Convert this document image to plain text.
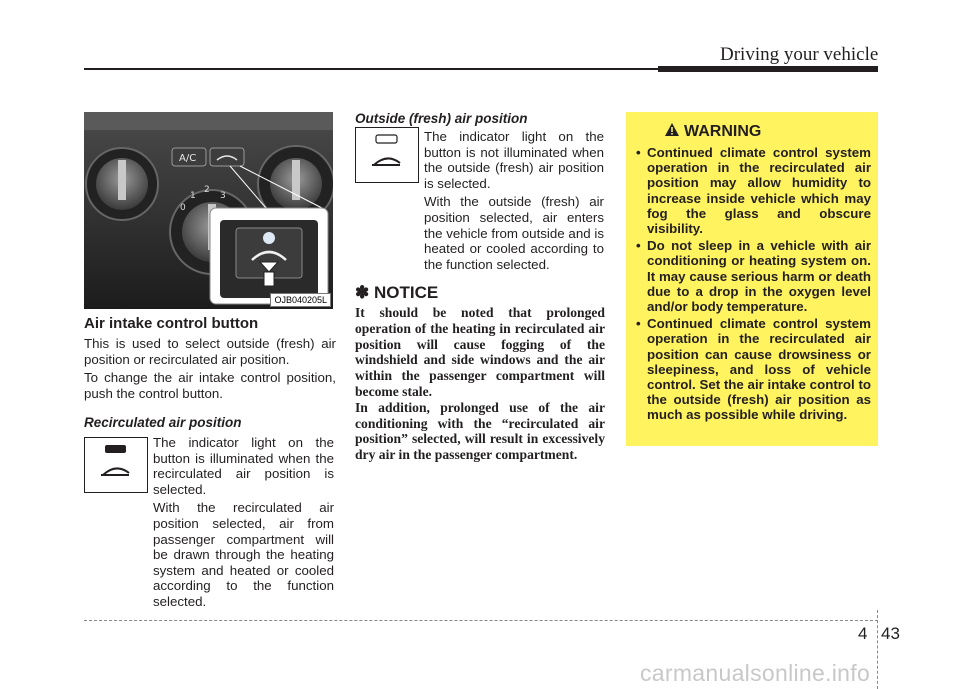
Driving your vehicle
0
1
2
3
A/C
OJB040205L
Air intake control button

This is used to select outside (fresh) air position or recirculated air position.

To change the air intake control position, push the control button.

Recirculated air position

The indicator light on the button is illuminated when the recirculated air position is selected.

With the recirculated air position selected, air from passenger compartment will be drawn through the heating system and heated or cooled according to the function selected.

Outside (fresh) air position

The indicator light on the button is not illuminated when the outside (fresh) air position is selected.

With the outside (fresh) air position selected, air enters the vehicle from outside and is heated or cooled according to the function selected.

✽ NOTICE

It should be noted that prolonged operation of the heating in recirculated air position will cause fogging of the windshield and side windows and the air within the passenger compartment will become stale.

In addition, prolonged use of the air conditioning with the “recirculated air position” selected, will result in excessively dry air in the passenger compartment.

WARNING
• Continued climate control system operation in the recirculated air position may allow humidity to increase inside vehicle which may fog the glass and obscure visibility.
• Do not sleep in a vehicle with air conditioning or heating system on. It may cause serious harm or death due to a drop in the oxygen level and/or body temperature.
• Continued climate control system operation in the recirculated air position can cause drowsiness or sleepiness, and loss of vehicle control. Set the air intake control to the outside (fresh) air position as much as possible while driving.
4 43
carmanualsonline.info
